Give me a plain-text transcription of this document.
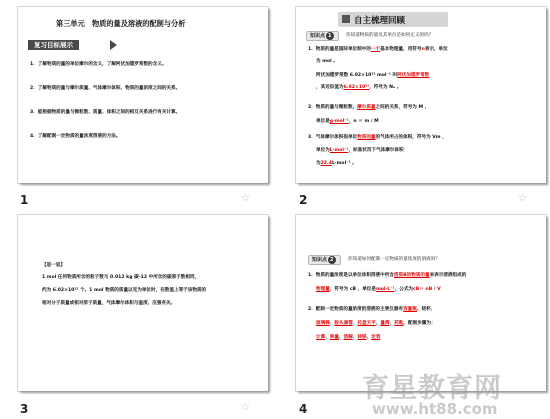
第三单元　物质的量及溶液的配制与分析
复习目标展示
1．了解物质的量的单位摩尔的含义，了解阿伏加德罗常数的含义。
2．了解物质的量与摩尔质量、气体摩尔体积、物质的量浓度之间的关系。
3．能根据物质的量与微粒数、质量、体积之间的相互关系进行有关计算。
4．了解配制一定物质的量浓度溶液的方法。
1	☆
自主梳理回顾
知识点 1	你知道物质的量及其单位是如何定义的吗？
1．物质的量是国际单位制中的一个基本物理量，用符号n表示，单位
为 mol 。
阿伏加德罗常数 6.02×10²³ mol⁻¹ 叫阿伏加德罗常数
，其近似值为6.02×10²³，符号为 Nₐ 。
2．物质的量与微粒数、摩尔质量之间的关系，符号为 M ，
单位是g·mol⁻¹，n ＝ m / M
3．气体摩尔体积指单位物质的量的气体所占的体积，符号为 Vm ，
单位为L·mol⁻¹，标准状况下气体摩尔体积
为22.4L·mol⁻¹ 。
2	☆
【思一思】
1 mol 任何物质所含的粒子数与 0.012 kg 碳-12 中所含的碳原子数相同，
约为 6.02×10²³ 个。1 mol 物质的质量以克为单位时，在数值上等于该物质的
相对分子质量或相对原子质量，气体摩尔体积与温度、压强有关。
3	☆
知识点 2	你知道如何配制一定物质的量浓度的溶液吗？
1．物质的量浓度是以单位体积溶液中所含溶质B的物质的量来表示溶液组成的
物理量，符号为 cB ，单位是mol·L⁻¹，公式为cB＝ nB / V
2．配制一定物质的量浓度的溶液的主要仪器有容量瓶、烧杯、
玻璃棒、胶头滴管、托盘天平、量筒、药匙，配制步骤为：
计算、称量、溶解、转移、定容
4
育星教育网
www.ht88.com
